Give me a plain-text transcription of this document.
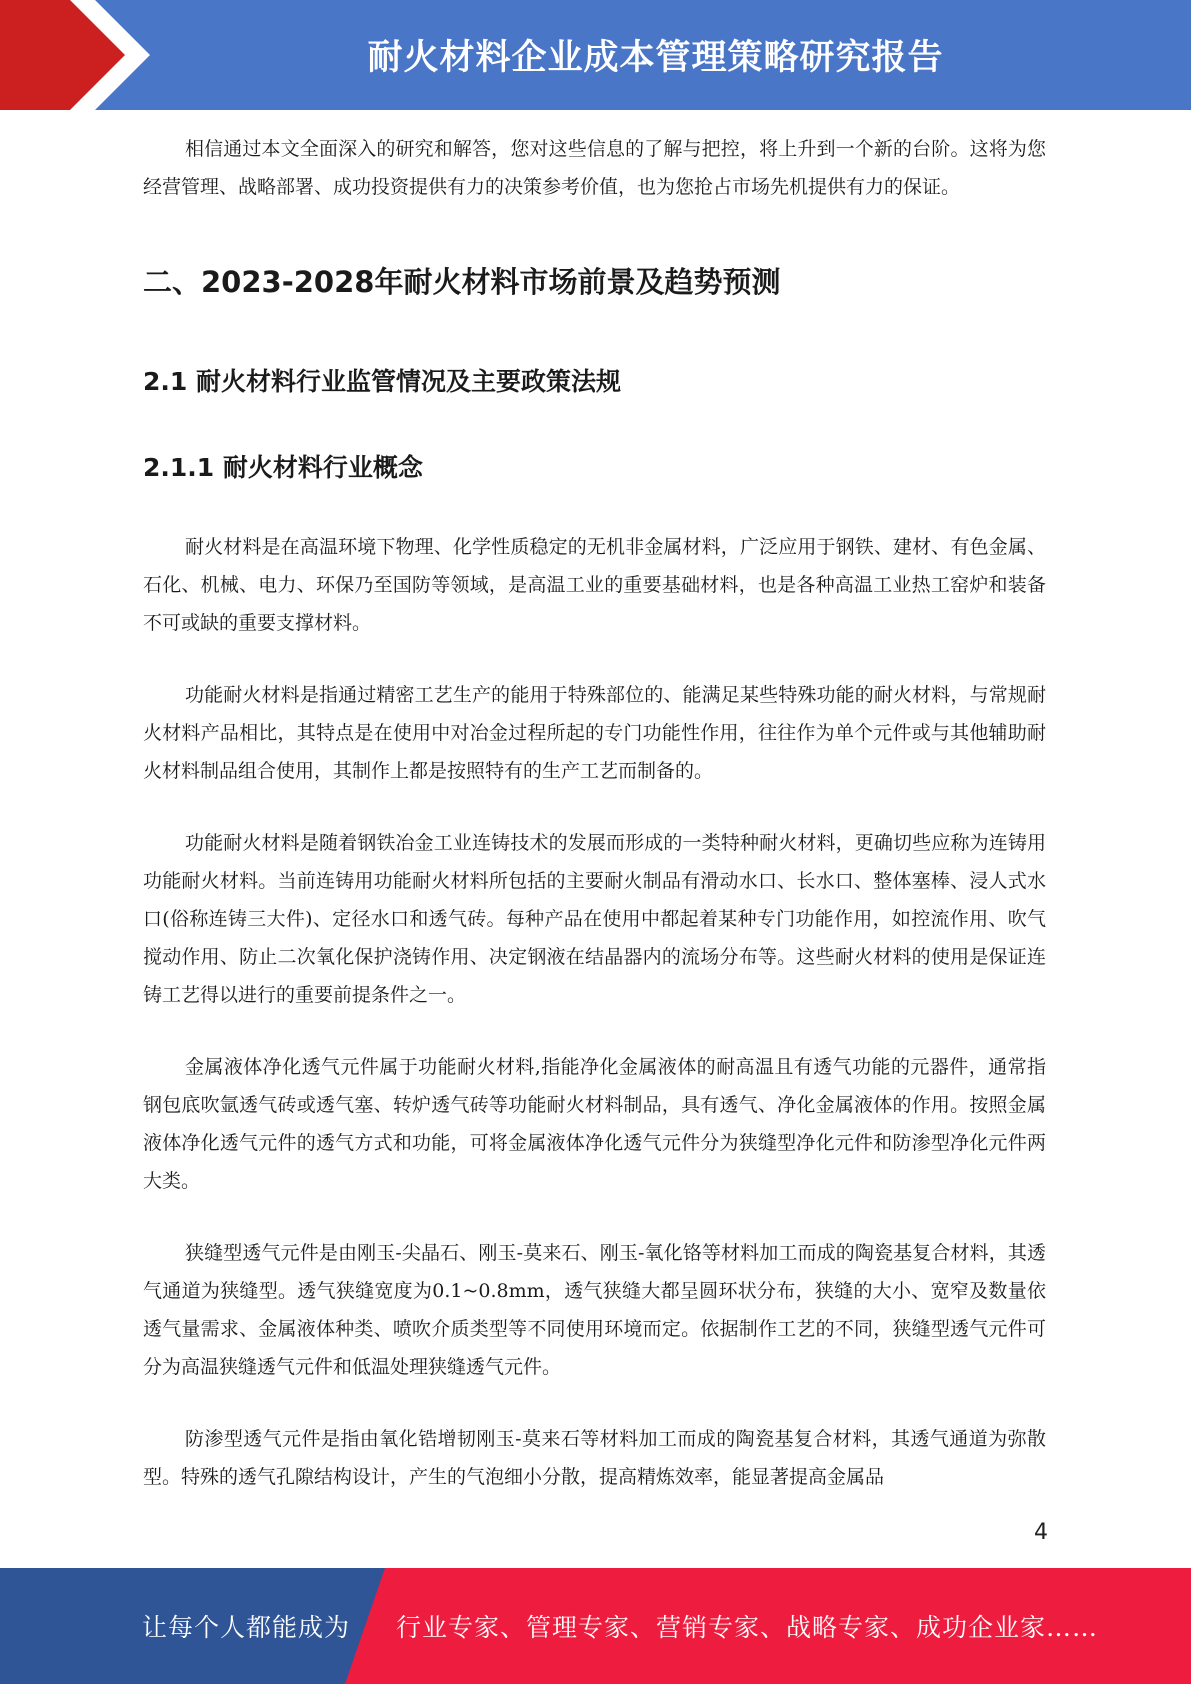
耐火材料企业成本管理策略研究报告

相信通过本文全面深入的研究和解答，您对这些信息的了解与把控，将上升到一个新的台阶。这将为您经营管理、战略部署、成功投资提供有力的决策参考价值，也为您抢占市场先机提供有力的保证。

二、2023-2028年耐火材料市场前景及趋势预测
2.1 耐火材料行业监管情况及主要政策法规
2.1.1 耐火材料行业概念

耐火材料是在高温环境下物理、化学性质稳定的无机非金属材料，广泛应用于钢铁、建材、有色金属、石化、机械、电力、环保乃至国防等领域，是高温工业的重要基础材料，也是各种高温工业热工窑炉和装备不可或缺的重要支撑材料。

功能耐火材料是指通过精密工艺生产的能用于特殊部位的、能满足某些特殊功能的耐火材料，与常规耐火材料产品相比，其特点是在使用中对冶金过程所起的专门功能性作用，往往作为单个元件或与其他辅助耐火材料制品组合使用，其制作上都是按照特有的生产工艺而制备的。

功能耐火材料是随着钢铁冶金工业连铸技术的发展而形成的一类特种耐火材料，更确切些应称为连铸用功能耐火材料。当前连铸用功能耐火材料所包括的主要耐火制品有滑动水口、长水口、整体塞棒、浸人式水口(俗称连铸三大件)、定径水口和透气砖。每种产品在使用中都起着某种专门功能作用，如控流作用、吹气搅动作用、防止二次氧化保护浇铸作用、决定钢液在结晶器内的流场分布等。这些耐火材料的使用是保证连铸工艺得以进行的重要前提条件之一。

金属液体净化透气元件属于功能耐火材料,指能净化金属液体的耐高温且有透气功能的元器件，通常指钢包底吹氩透气砖或透气塞、转炉透气砖等功能耐火材料制品，具有透气、净化金属液体的作用。按照金属液体净化透气元件的透气方式和功能，可将金属液体净化透气元件分为狭缝型净化元件和防渗型净化元件两大类。

狭缝型透气元件是由刚玉-尖晶石、刚玉-莫来石、刚玉-氧化铬等材料加工而成的陶瓷基复合材料，其透气通道为狭缝型。透气狭缝宽度为0.1~0.8mm，透气狭缝大都呈圆环状分布，狭缝的大小、宽窄及数量依透气量需求、金属液体种类、喷吹介质类型等不同使用环境而定。依据制作工艺的不同，狭缝型透气元件可分为高温狭缝透气元件和低温处理狭缝透气元件。

防渗型透气元件是指由氧化锆增韧刚玉-莫来石等材料加工而成的陶瓷基复合材料，其透气通道为弥散型。特殊的透气孔隙结构设计，产生的气泡细小分散，提高精炼效率，能显著提高金属品

4
让每个人都能成为 行业专家、管理专家、营销专家、战略专家、成功企业家……
